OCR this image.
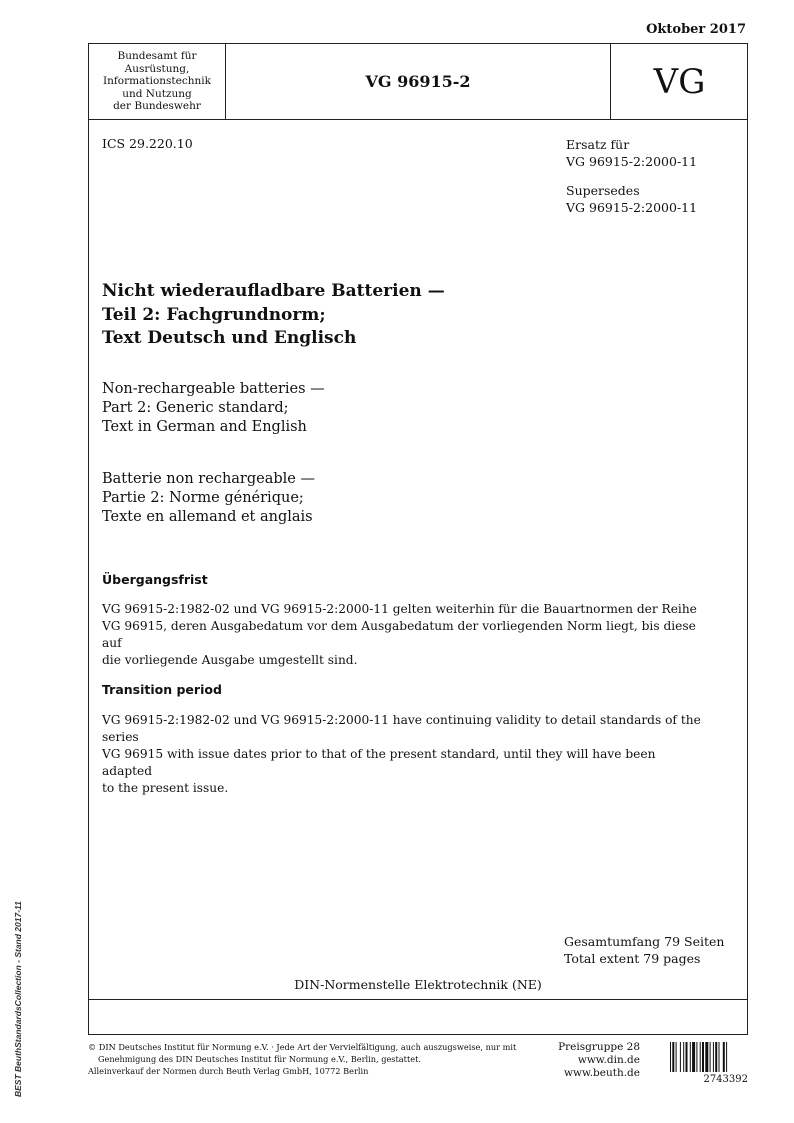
Oktober 2017
Bundesamt für
Ausrüstung,
Informationstechnik
und Nutzung
der Bundeswehr
VG 96915-2	VG
ICS 29.220.10	Ersatz für
VG 96915-2:2000-11
Supersedes
VG 96915-2:2000-11
Nicht wiederaufladbare Batterien —
Teil 2: Fachgrundnorm;
Text Deutsch und Englisch
Non-rechargeable batteries —
Part 2: Generic standard;
Text in German and English
Batterie non rechargeable —
Partie 2: Norme générique;
Texte en allemand et anglais
Übergangsfrist
VG 96915-2:1982-02 und VG 96915-2:2000-11 gelten weiterhin für die Bauartnormen der Reihe
VG 96915, deren Ausgabedatum vor dem Ausgabedatum der vorliegenden Norm liegt, bis diese auf
die vorliegende Ausgabe umgestellt sind.
Transition period
VG 96915-2:1982-02 und VG 96915-2:2000-11 have continuing validity to detail standards of the series
VG 96915 with issue dates prior to that of the present standard, until they will have been adapted
to the present issue.
Gesamtumfang 79 Seiten
Total extent 79 pages
DIN-Normenstelle Elektrotechnik (NE)
© DIN Deutsches Institut für Normung e.V. · Jede Art der Vervielfältigung, auch auszugsweise, nur mit
Genehmigung des DIN Deutsches Institut für Normung e.V., Berlin, gestattet.
Alleinverkauf der Normen durch Beuth Verlag GmbH, 10772 Berlin
Preisgruppe 28
www.din.de
www.beuth.de
2743392
BEST BeuthStandardsCollection - Stand 2017-11
